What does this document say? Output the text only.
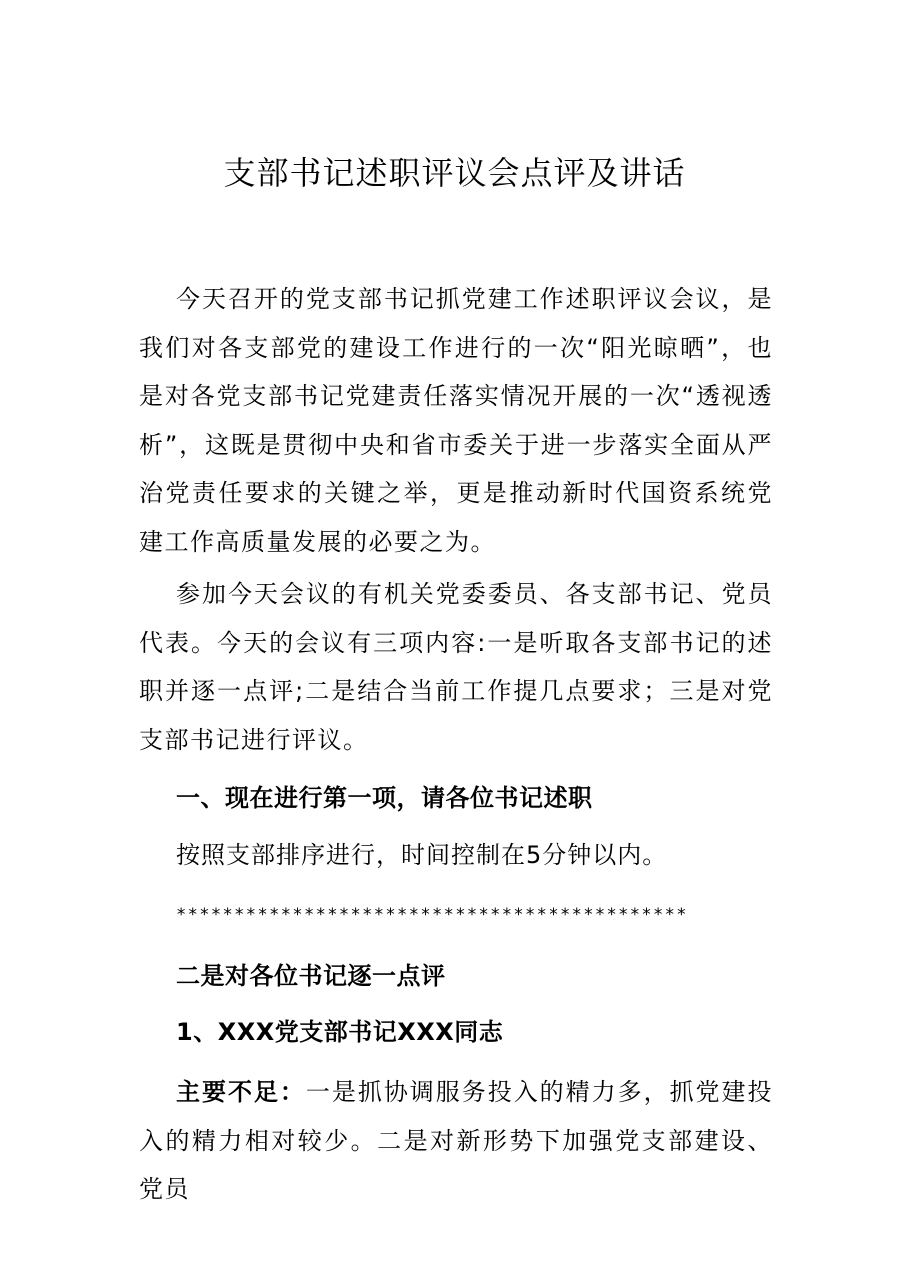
支部书记述职评议会点评及讲话

今天召开的党支部书记抓党建工作述职评议会议，是我们对各支部党的建设工作进行的一次“阳光晾晒”，也是对各党支部书记党建责任落实情况开展的一次“透视透析”，这既是贯彻中央和省市委关于进一步落实全面从严治党责任要求的关键之举，更是推动新时代国资系统党建工作高质量发展的必要之为。

参加今天会议的有机关党委委员、各支部书记、党员代表。今天的会议有三项内容:一是听取各支部书记的述职并逐一点评;二是结合当前工作提几点要求；三是对党支部书记进行评议。

一、现在进行第一项，请各位书记述职

按照支部排序进行，时间控制在5分钟以内。

********************************************

二是对各位书记逐一点评

1、XXX党支部书记XXX同志

主要不足：一是抓协调服务投入的精力多，抓党建投入的精力相对较少。二是对新形势下加强党支部建设、党员
